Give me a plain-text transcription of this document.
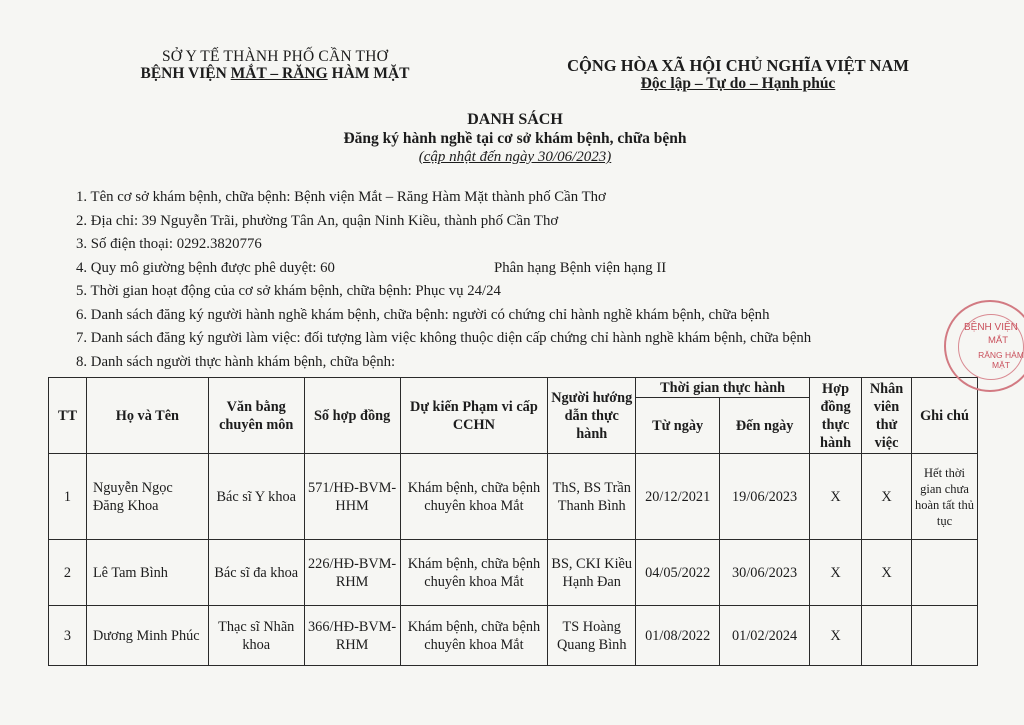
SỞ Y TẾ THÀNH PHỐ CẦN THƠ
BỆNH VIỆN MẮT – RĂNG HÀM MẶT	CỘNG HÒA XÃ HỘI CHỦ NGHĨA VIỆT NAM
Độc lập – Tự do – Hạnh phúc
DANH SÁCH
Đăng ký hành nghề tại cơ sở khám bệnh, chữa bệnh
(cập nhật đến ngày 30/06/2023)
1. Tên cơ sở khám bệnh, chữa bệnh: Bệnh viện Mắt – Răng Hàm Mặt thành phố Cần Thơ
2. Địa chỉ: 39 Nguyễn Trãi, phường Tân An, quận Ninh Kiều, thành phố Cần Thơ
3. Số điện thoại: 0292.3820776
4. Quy mô giường bệnh được phê duyệt: 60	Phân hạng Bệnh viện hạng II
5. Thời gian hoạt động của cơ sở khám bệnh, chữa bệnh: Phục vụ 24/24
6. Danh sách đăng ký người hành nghề khám bệnh, chữa bệnh: người có chứng chỉ hành nghề khám bệnh, chữa bệnh
7. Danh sách đăng ký người làm việc: đối tượng làm việc không thuộc diện cấp chứng chỉ hành nghề khám bệnh, chữa bệnh
8. Danh sách người thực hành khám bệnh, chữa bệnh:
TT	Họ và Tên	Văn bằng chuyên môn	Số hợp đồng	Dự kiến Phạm vi cấp CCHN	Người hướng dẫn thực hành	Thời gian thực hành		Hợp đồng thực hành	Nhân viên thử việc	Ghi chú
						Từ ngày	Đến ngày			
1	Nguyễn Ngọc Đăng Khoa	Bác sĩ Y khoa	571/HĐ-BVM-HHM	Khám bệnh, chữa bệnh chuyên khoa Mắt	ThS, BS Trần Thanh Bình	20/12/2021	19/06/2023	X	X	Hết thời gian chưa hoàn tất thủ tục
2	Lê Tam Bình	Bác sĩ đa khoa	226/HĐ-BVM-RHM	Khám bệnh, chữa bệnh chuyên khoa Mắt	BS, CKI Kiều Hạnh Đan	04/05/2022	30/06/2023	X	X	
3	Dương Minh Phúc	Thạc sĩ Nhãn khoa	366/HĐ-BVM-RHM	Khám bệnh, chữa bệnh chuyên khoa Mắt	TS Hoàng Quang Bình	01/08/2022	01/02/2024	X		
BỆNH VIỆN
MẮT
RĂNG HÀM MẶT
